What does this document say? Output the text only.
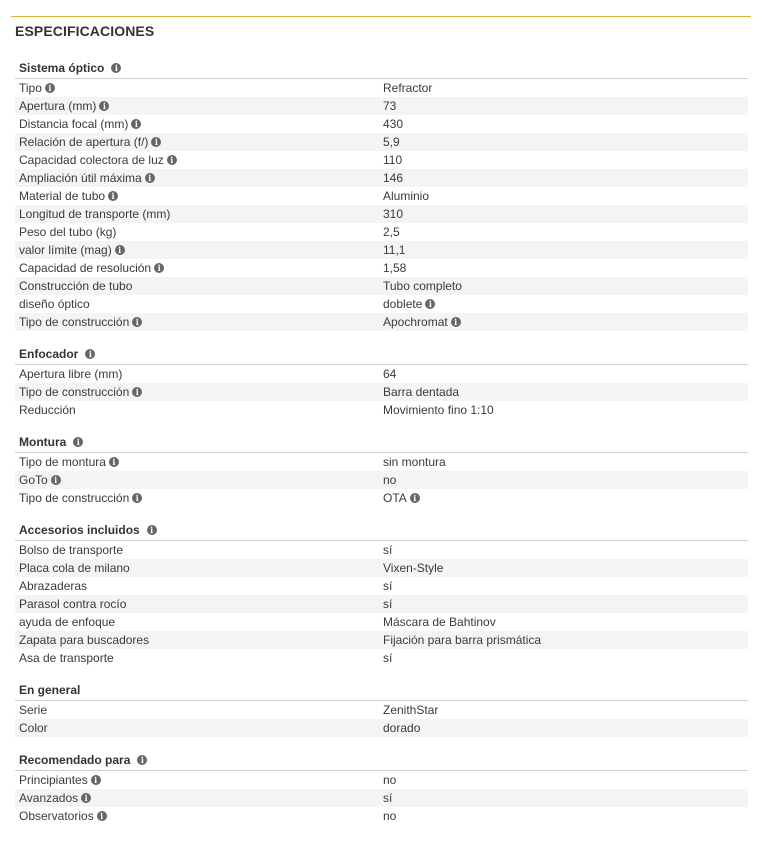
ESPECIFICACIONES
Sistema óptico	i
Tipo i	Refractor
Apertura (mm) i	73
Distancia focal (mm) i	430
Relación de apertura (f/) i	5,9
Capacidad colectora de luz i	110
Ampliación útil máxima i	146
Material de tubo i	Aluminio
Longitud de transporte (mm)	310
Peso del tubo (kg)	2,5
valor límite (mag) i	11,1
Capacidad de resolución i	1,58
Construcción de tubo	Tubo completo
diseño óptico	doblete i
Tipo de construcción i	Apochromat i
Enfocador	i
Apertura libre (mm)	64
Tipo de construcción i	Barra dentada
Reducción	Movimiento fino 1:10
Montura	i
Tipo de montura i	sin montura
GoTo i	no
Tipo de construcción i	OTA i
Accesorios incluidos	i
Bolso de transporte	sí
Placa cola de milano	Vixen-Style
Abrazaderas	sí
Parasol contra rocío	sí
ayuda de enfoque	Máscara de Bahtinov
Zapata para buscadores	Fijación para barra prismática
Asa de transporte	sí
En general
Serie	ZenithStar
Color	dorado
Recomendado para	i
Principiantes i	no
Avanzados i	sí
Observatorios i	no
